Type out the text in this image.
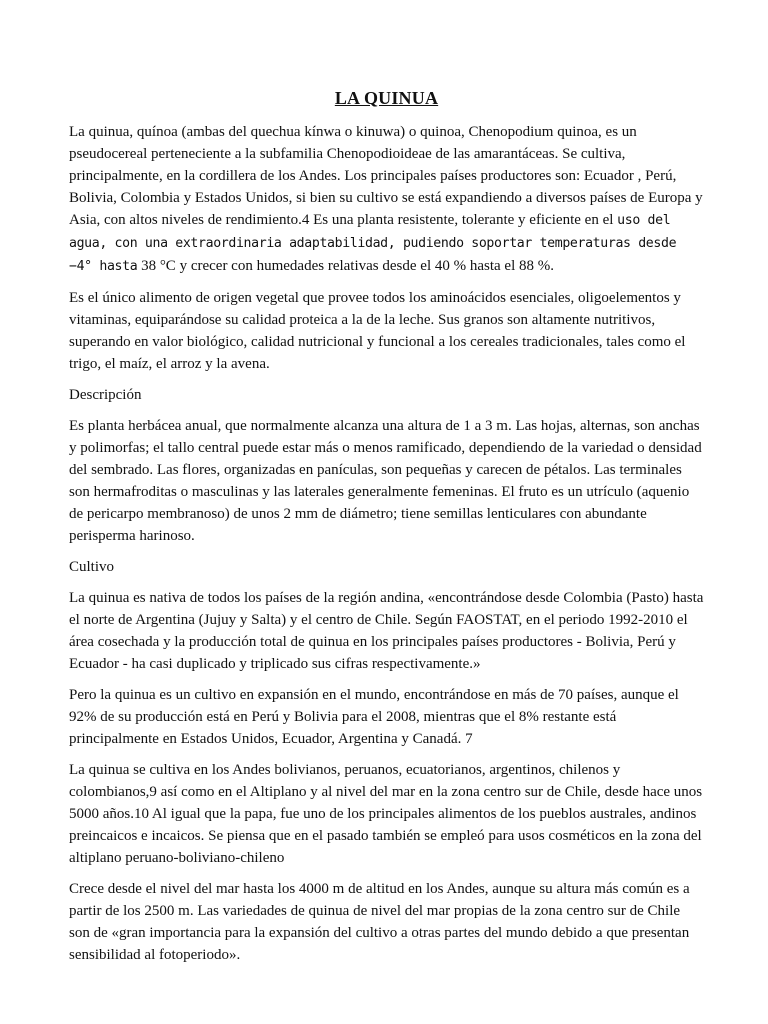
LA QUINUA

La quinua, quínoa (ambas del quechua kínwa o kinuwa) o quinoa, Chenopodium quinoa, es un pseudocereal perteneciente a la subfamilia Chenopodioideae de las amarantáceas. Se cultiva, principalmente, en la cordillera de los Andes. Los principales países productores son: Ecuador , Perú, Bolivia, Colombia y Estados Unidos, si bien su cultivo se está expandiendo a diversos países de Europa y Asia, con altos niveles de rendimiento.4 Es una planta resistente, tolerante y eficiente en el uso del agua, con una extraordinaria adaptabilidad, pudiendo soportar temperaturas desde −4° hasta 38 °C y crecer con humedades relativas desde el 40 % hasta el 88 %.

Es el único alimento de origen vegetal que provee todos los aminoácidos esenciales, oligoelementos y vitaminas, equiparándose su calidad proteica a la de la leche. Sus granos son altamente nutritivos, superando en valor biológico, calidad nutricional y funcional a los cereales tradicionales, tales como el trigo, el maíz, el arroz y la avena.

Descripción

Es planta herbácea anual, que normalmente alcanza una altura de 1 a 3 m. Las hojas, alternas, son anchas y polimorfas; el tallo central puede estar más o menos ramificado, dependiendo de la variedad o densidad del sembrado. Las flores, organizadas en panículas, son pequeñas y carecen de pétalos. Las terminales son hermafroditas o masculinas y las laterales generalmente femeninas. El fruto es un utrículo (aquenio de pericarpo membranoso) de unos 2 mm de diámetro; tiene semillas lenticulares con abundante perisperma harinoso.

Cultivo

La quinua es nativa de todos los países de la región andina, «encontrándose desde Colombia (Pasto) hasta el norte de Argentina (Jujuy y Salta) y el centro de Chile. Según FAOSTAT, en el periodo 1992-2010 el área cosechada y la producción total de quinua en los principales países productores - Bolivia, Perú y Ecuador - ha casi duplicado y triplicado sus cifras respectivamente.»

Pero la quinua es un cultivo en expansión en el mundo, encontrándose en más de 70 países, aunque el 92% de su producción está en Perú y Bolivia para el 2008, mientras que el 8% restante está principalmente en Estados Unidos, Ecuador, Argentina y Canadá. 7

La quinua se cultiva en los Andes bolivianos, peruanos, ecuatorianos, argentinos, chilenos y colombianos,9 así como en el Altiplano y al nivel del mar en la zona centro sur de Chile, desde hace unos 5000 años.10 Al igual que la papa, fue uno de los principales alimentos de los pueblos australes, andinos preincaicos e incaicos. Se piensa que en el pasado también se empleó para usos cosméticos en la zona del altiplano peruano-boliviano-chileno

Crece desde el nivel del mar hasta los 4000 m de altitud en los Andes, aunque su altura más común es a partir de los 2500 m. Las variedades de quinua de nivel del mar propias de la zona centro sur de Chile son de «gran importancia para la expansión del cultivo a otras partes del mundo debido a que presentan sensibilidad al fotoperiodo».
